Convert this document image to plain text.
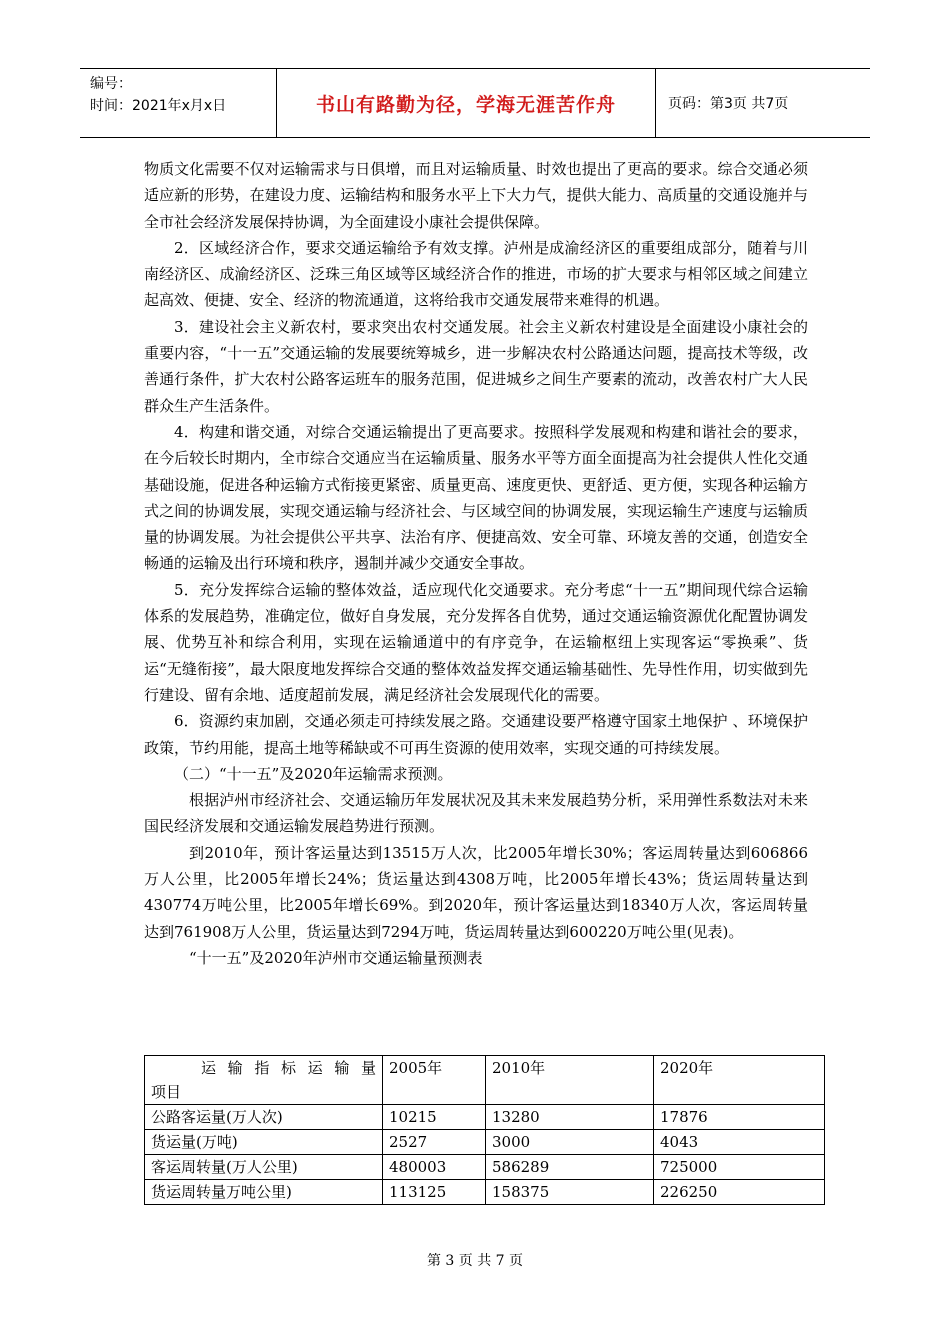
编号：
时间：2021年x月x日	书山有路勤为径，学海无涯苦作舟	页码：第3页 共7页

物质文化需要不仅对运输需求与日俱增，而且对运输质量、时效也提出了更高的要求。综合交通必须适应新的形势，在建设力度、运输结构和服务水平上下大力气，提供大能力、高质量的交通设施并与全市社会经济发展保持协调，为全面建设小康社会提供保障。

2．区域经济合作，要求交通运输给予有效支撑。泸州是成渝经济区的重要组成部分，随着与川南经济区、成渝经济区、泛珠三角区域等区域经济合作的推进，市场的扩大要求与相邻区域之间建立起高效、便捷、安全、经济的物流通道，这将给我市交通发展带来难得的机遇。

3．建设社会主义新农村，要求突出农村交通发展。社会主义新农村建设是全面建设小康社会的重要内容，“十一五”交通运输的发展要统筹城乡，进一步解决农村公路通达问题，提高技术等级，改善通行条件，扩大农村公路客运班车的服务范围，促进城乡之间生产要素的流动，改善农村广大人民群众生产生活条件。

4．构建和谐交通，对综合交通运输提出了更高要求。按照科学发展观和构建和谐社会的要求，在今后较长时期内，全市综合交通应当在运输质量、服务水平等方面全面提高为社会提供人性化交通基础设施，促进各种运输方式衔接更紧密、质量更高、速度更快、更舒适、更方便，实现各种运输方式之间的协调发展，实现交通运输与经济社会、与区域空间的协调发展，实现运输生产速度与运输质量的协调发展。为社会提供公平共享、法治有序、便捷高效、安全可靠、环境友善的交通，创造安全畅通的运输及出行环境和秩序，遏制并减少交通安全事故。

5．充分发挥综合运输的整体效益，适应现代化交通要求。充分考虑“十一五”期间现代综合运输体系的发展趋势，准确定位，做好自身发展，充分发挥各自优势，通过交通运输资源优化配置协调发展、优势互补和综合利用，实现在运输通道中的有序竞争，在运输枢纽上实现客运“零换乘”、货运“无缝衔接”，最大限度地发挥综合交通的整体效益发挥交通运输基础性、先导性作用，切实做到先行建设、留有余地、适度超前发展，满足经济社会发展现代化的需要。

6．资源约束加剧，交通必须走可持续发展之路。交通建设要严格遵守国家土地保护 、环境保护政策，节约用能，提高土地等稀缺或不可再生资源的使用效率，实现交通的可持续发展。

（二）“十一五”及2020年运输需求预测。

根据泸州市经济社会、交通运输历年发展状况及其未来发展趋势分析，采用弹性系数法对未来国民经济发展和交通运输发展趋势进行预测。

到2010年，预计客运量达到13515万人次，比2005年增长30%；客运周转量达到606866万人公里，比2005年增长24%；货运量达到4308万吨，比2005年增长43%；货运周转量达到430774万吨公里，比2005年增长69%。到2020年，预计客运量达到18340万人次，客运周转量达到761908万人公里，货运量达到7294万吨，货运周转量达到600220万吨公里(见表)。

“十一五”及2020年泸州市交通运输量预测表

运输指标运输量
项目	2005年	2010年	2020年
公路客运量(万人次)	10215	13280	17876
货运量(万吨)	2527	3000	4043
客运周转量(万人公里)	480003	586289	725000
货运周转量万吨公里)	113125	158375	226250
第 3 页 共 7 页
